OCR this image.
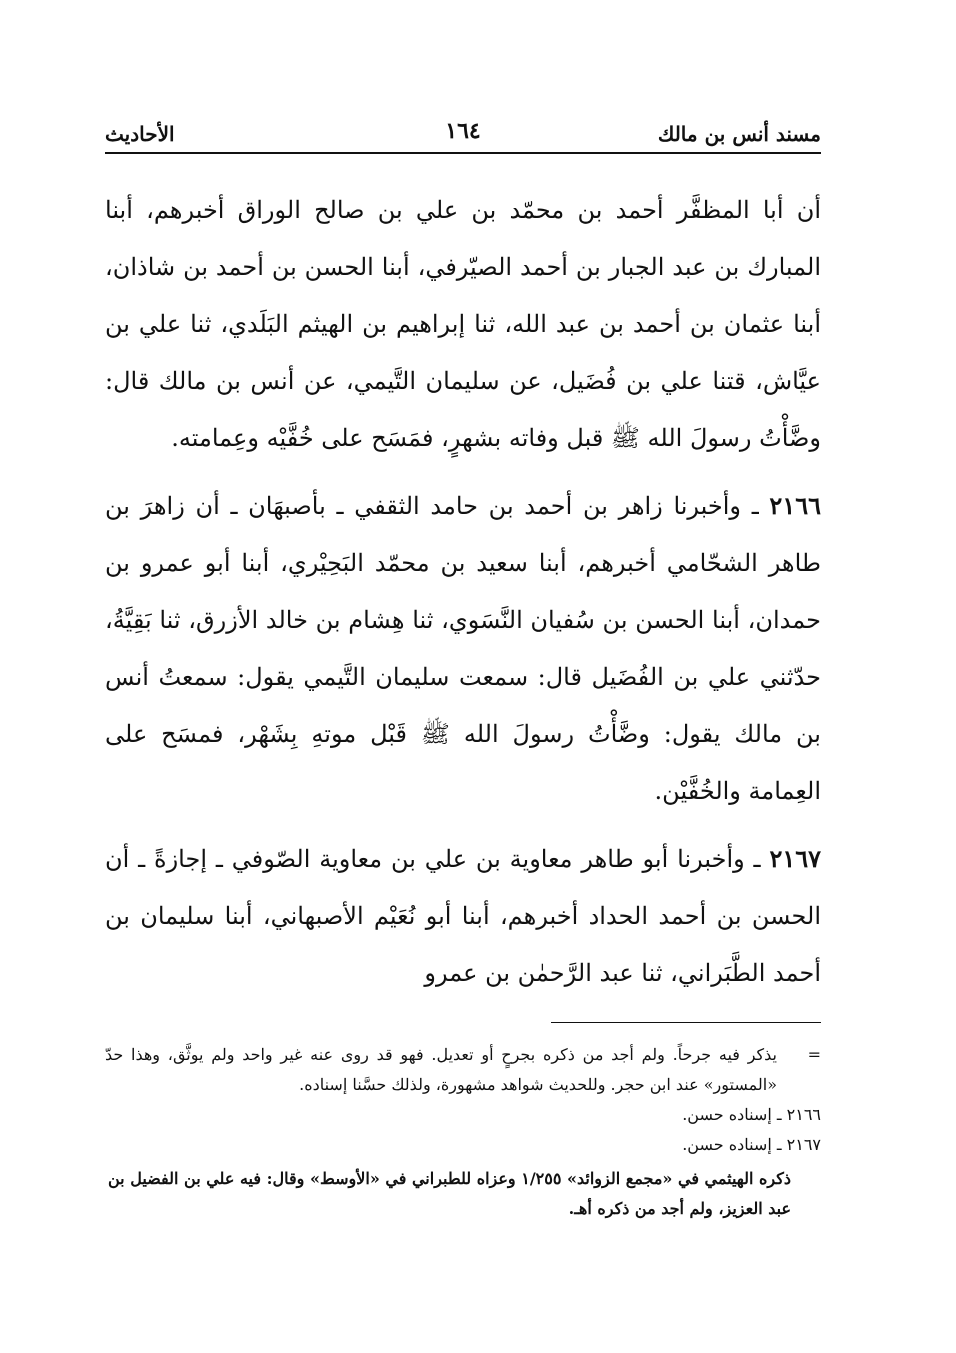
مسند أنس بن مالك
١٦٤
الأحاديث

أن أبا المظفَّر أحمد بن محمّد بن علي بن صالح الوراق أخبرهم، أبنا المبارك بن عبد الجبار بن أحمد الصيّرفي، أبنا الحسن بن أحمد بن شاذان، أبنا عثمان بن أحمد بن عبد الله، ثنا إبراهيم بن الهيثم البَلَدي، ثنا علي بن عيَّاش، قتنا علي بن فُضَيل، عن سليمان التَّيمي، عن أنس بن مالك قال: وضَّأْتُ رسولَ الله ﷺ قبل وفاته بشهرٍ، فمَسَح على خُفَّيْه وعِمامته.

٢١٦٦ ـ وأخبرنا زاهر بن أحمد بن حامد الثقفي ـ بأصبهَان ـ أن زاهرَ بن طاهر الشحّامي أخبرهم، أبنا سعيد بن محمّد البَحِيْري، أبنا أبو عمرو بن حمدان، أبنا الحسن بن سُفيان النَّسَوي، ثنا هِشام بن خالد الأزرق، ثنا بَقِيَّةُ، حدّثني علي بن الفُضَيل قال: سمعت سليمان التَّيمي يقول: سمعتُ أنس بن مالك يقول: وضَّأْتُ رسولَ الله ﷺ قَبْل موتهِ بِشَهْر، فمسَح على العِمامة والخُفَّيْن.

٢١٦٧ ـ وأخبرنا أبو طاهر معاوية بن علي بن معاوية الصّوفي ـ إجازةً ـ أن الحسن بن أحمد الحداد أخبرهم، أبنا أبو نُعَيْم الأصبهاني، أبنا سليمان بن أحمد الطَّبَراني، ثنا عبد الرَّحمٰن بن عمرو

=
يذكر فيه جرحاً. ولم أجد من ذكره بجرحٍ أو تعديل. فهو قد روى عنه غير واحد ولم يوثَّق، وهذا حدّ «المستور» عند ابن حجر. وللحديث شواهد مشهورة، ولذلك حسَّنا إسناده.

٢١٦٦ ـ إسناده حسن.

٢١٦٧ ـ إسناده حسن.

ذكره الهيثمي في «مجمع الزوائد» ١/٢٥٥ وعزاه للطبراني في «الأوسط» وقال: فيه علي بن الفضيل بن عبد العزيز، ولم أجد من ذكره أهـ.
